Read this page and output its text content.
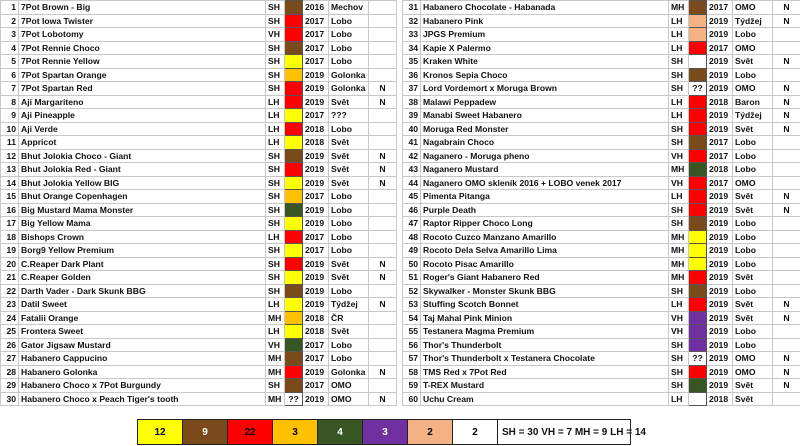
1	7Pot Brown - Big	SH		2016	Mechov	
2	7Pot Iowa Twister	SH		2017	Lobo	
3	7Pot Lobotomy	VH		2017	Lobo	
4	7Pot Rennie Choco	SH		2017	Lobo	
5	7Pot Rennie Yellow	SH		2017	Lobo	
6	7Pot Spartan Orange	SH		2019	Golonka	
7	7Pot Spartan Red	SH		2019	Golonka	N
8	Aji Margariteno	LH		2019	Svět	N
9	Aji Pineapple	LH		2017	???	
10	Aji Verde	LH		2018	Lobo	
11	Appricot	LH		2018	Svět	
12	Bhut Jolokia Choco - Giant	SH		2019	Svět	N
13	Bhut Jolokia Red - Giant	SH		2019	Svět	N
14	Bhut Jolokia Yellow BIG	SH		2019	Svět	N
15	Bhut Orange Copenhagen	SH		2017	Lobo	
16	Big Mustard Mama Monster	SH		2019	Lobo	
17	Big Yellow Mama	SH		2019	Lobo	
18	Bishops Crown	LH		2017	Lobo	
19	Borg9 Yellow Premium	SH		2017	Lobo	
20	C.Reaper Dark Plant	SH		2019	Svět	N
21	C.Reaper Golden	SH		2019	Svět	N
22	Darth Vader - Dark Skunk BBG	SH		2019	Lobo	
23	Datil Sweet	LH		2019	Týdžej	N
24	Fatalii Orange	MH		2018	ČR	
25	Frontera Sweet	LH		2018	Svět	
26	Gator Jigsaw Mustard	VH		2017	Lobo	
27	Habanero Cappucino	MH		2017	Lobo	
28	Habanero Golonka	MH		2019	Golonka	N
29	Habanero Choco x 7Pot Burgundy	SH		2017	OMO	
30	Habanero Choco x Peach Tiger's tooth	MH	??	2019	OMO	N
31	Habanero Chocolate - Habanada	MH		2017	OMO	N
32	Habanero Pink	LH		2019	Týdžej	N
33	JPGS Premium	LH		2019	Lobo	
34	Kapie X Palermo	LH		2017	OMO	
35	Kraken White	SH		2019	Svět	N
36	Kronos Sepia Choco	SH		2019	Lobo	
37	Lord Vordemort x Moruga Brown	SH	??	2019	OMO	N
38	Malawi Peppadew	LH		2018	Baron	N
39	Manabi Sweet Habanero	LH		2019	Týdžej	N
40	Moruga Red Monster	SH		2019	Svět	N
41	Nagabrain Choco	SH		2017	Lobo	
42	Naganero - Moruga pheno	VH		2017	Lobo	
43	Naganero Mustard	MH		2018	Lobo	
44	Naganero OMO skleník 2016 + LOBO venek 2017	VH		2017	OMO	
45	Pimenta Pitanga	LH		2019	Svět	N
46	Purple Death	SH		2019	Svět	N
47	Raptor Ripper Choco Long	SH		2019	Lobo	
48	Rocoto Cuzco Manzano Amarillo	MH		2019	Lobo	
49	Rocoto Dela Selva Amarillo Lima	MH		2019	Lobo	
50	Rocoto Pisac Amarillo	MH		2019	Lobo	
51	Roger's Giant Habanero Red	MH		2019	Svět	
52	Skywalker - Monster Skunk BBG	SH		2019	Lobo	
53	Stuffing Scotch Bonnet	LH		2019	Svět	N
54	Taj Mahal Pink Minion	VH		2019	Svět	N
55	Testanera Magma Premium	VH		2019	Lobo	
56	Thor's Thunderbolt	SH		2019	Lobo	
57	Thor's Thunderbolt x Testanera Chocolate	SH	??	2019	OMO	N
58	TMS Red x 7Pot Red	SH		2019	OMO	N
59	T-REX Mustard	SH		2019	Svět	N
60	Uchu Cream	LH		2018	Svět	
12	9	22	3	4	3	2	2	SH = 30 VH = 7 MH = 9 LH = 14
